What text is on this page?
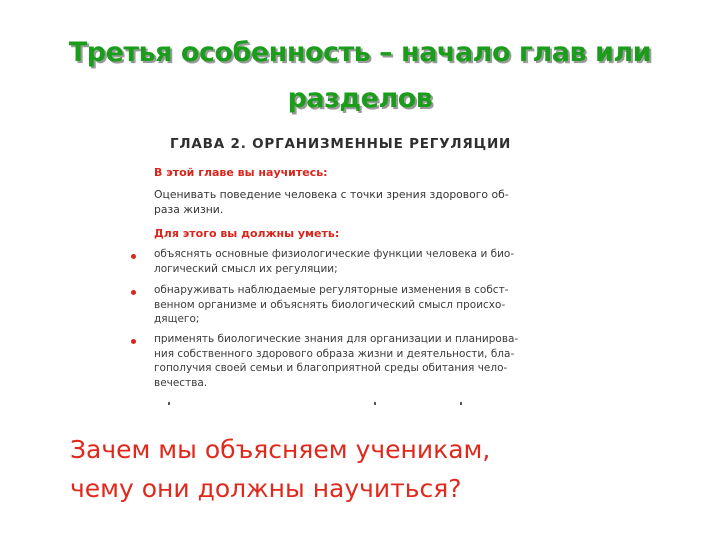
Третья особенность – начало глав или
разделов
ГЛАВА 2. ОРГАНИЗМЕННЫЕ РЕГУЛЯЦИИ
В этой главе вы научитесь:
Оценивать поведение человека с точки зрения здорового об-
раза жизни.
Для этого вы должны уметь:
объяснять основные физиологические функции человека и био-
логический смысл их регуляции;
обнаруживать наблюдаемые регуляторные изменения в собст-
венном организме и объяснять биологический смысл происхо-
дящего;
применять биологические знания для организации и планирова-
ния собственного здорового образа жизни и деятельности, бла-
гополучия своей семьи и благоприятной среды обитания чело-
вечества.
Зачем мы объясняем ученикам,
чему они должны научиться?
